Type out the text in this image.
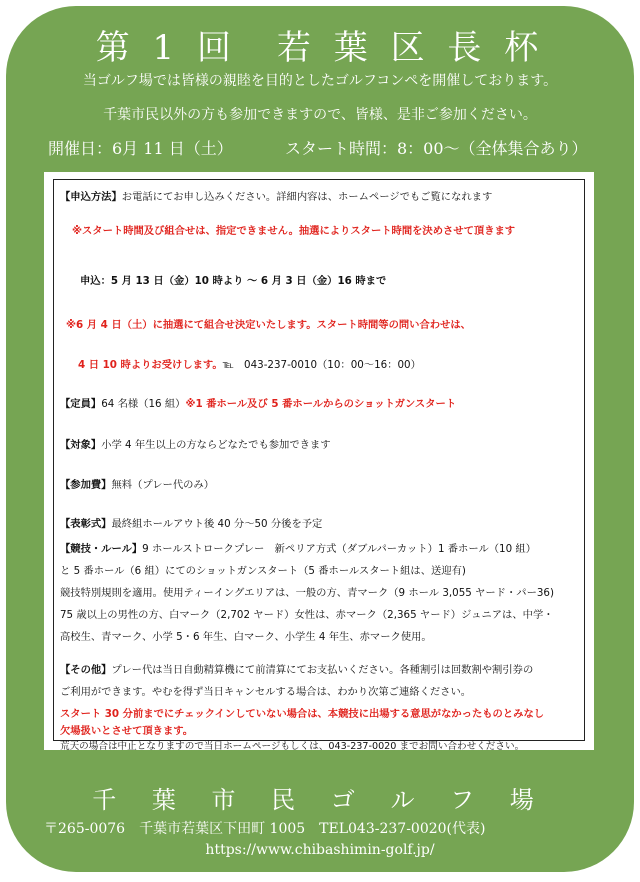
第 1 回　若 葉 区 長 杯
当ゴルフ場では皆様の親睦を目的としたゴルフコンペを開催しております。
千葉市民以外の方も参加できますので、皆様、是非ご参加ください。
開催日：6月 11 日（土）	スタート時間：8：00〜（全体集合あり）
【申込方法】お電話にてお申し込みください。詳細内容は、ホームページでもご覧になれます
※スタート時間及び組合せは、指定できません。抽選によりスタート時間を決めさせて頂きます
申込：5 月 13 日（金）10 時より 〜 6 月 3 日（金）16 時まで
※6 月 4 日（土）に抽選にて組合せ決定いたします。スタート時間等の問い合わせは、
4 日 10 時よりお受けします。℡　043-237-0010（10：00〜16：00）
【定員】64 名様（16 組）※1 番ホール及び 5 番ホールからのショットガンスタート
【対象】小学 4 年生以上の方ならどなたでも参加できます
【参加費】無料（プレー代のみ）
【表彰式】最終組ホールアウト後 40 分〜50 分後を予定
【競技・ルール】9 ホールストロークプレー　新ペリア方式（ダブルパーカット）1 番ホール（10 組）
と 5 番ホール（6 組）にてのショットガンスタート（5 番ホールスタート組は、送迎有)
競技特別規則を適用。使用ティーイングエリアは、一般の方、青マーク（9 ホール 3,055 ヤード・パー36)
75 歳以上の男性の方、白マーク（2,702 ヤード）女性は、赤マーク（2,365 ヤード）ジュニアは、中学・
高校生、青マーク、小学 5・6 年生、白マーク、小学生 4 年生、赤マーク使用。
【その他】プレー代は当日自動精算機にて前清算にてお支払いください。各種割引は回数割や割引券の
ご利用ができます。やむを得ず当日キャンセルする場合は、わかり次第ご連絡ください。
スタート 30 分前までにチェックインしていない場合は、本競技に出場する意思がなかったものとみなし
欠場扱いとさせて頂きます。
荒天の場合は中止となりますので当日ホームページもしくは、043-237-0020 までお問い合わせください。
千 葉 市 民 ゴ ル フ 場
〒265-0076　千葉市若葉区下田町 1005　TEL043-237-0020(代表)
https://www.chibashimin-golf.jp/
